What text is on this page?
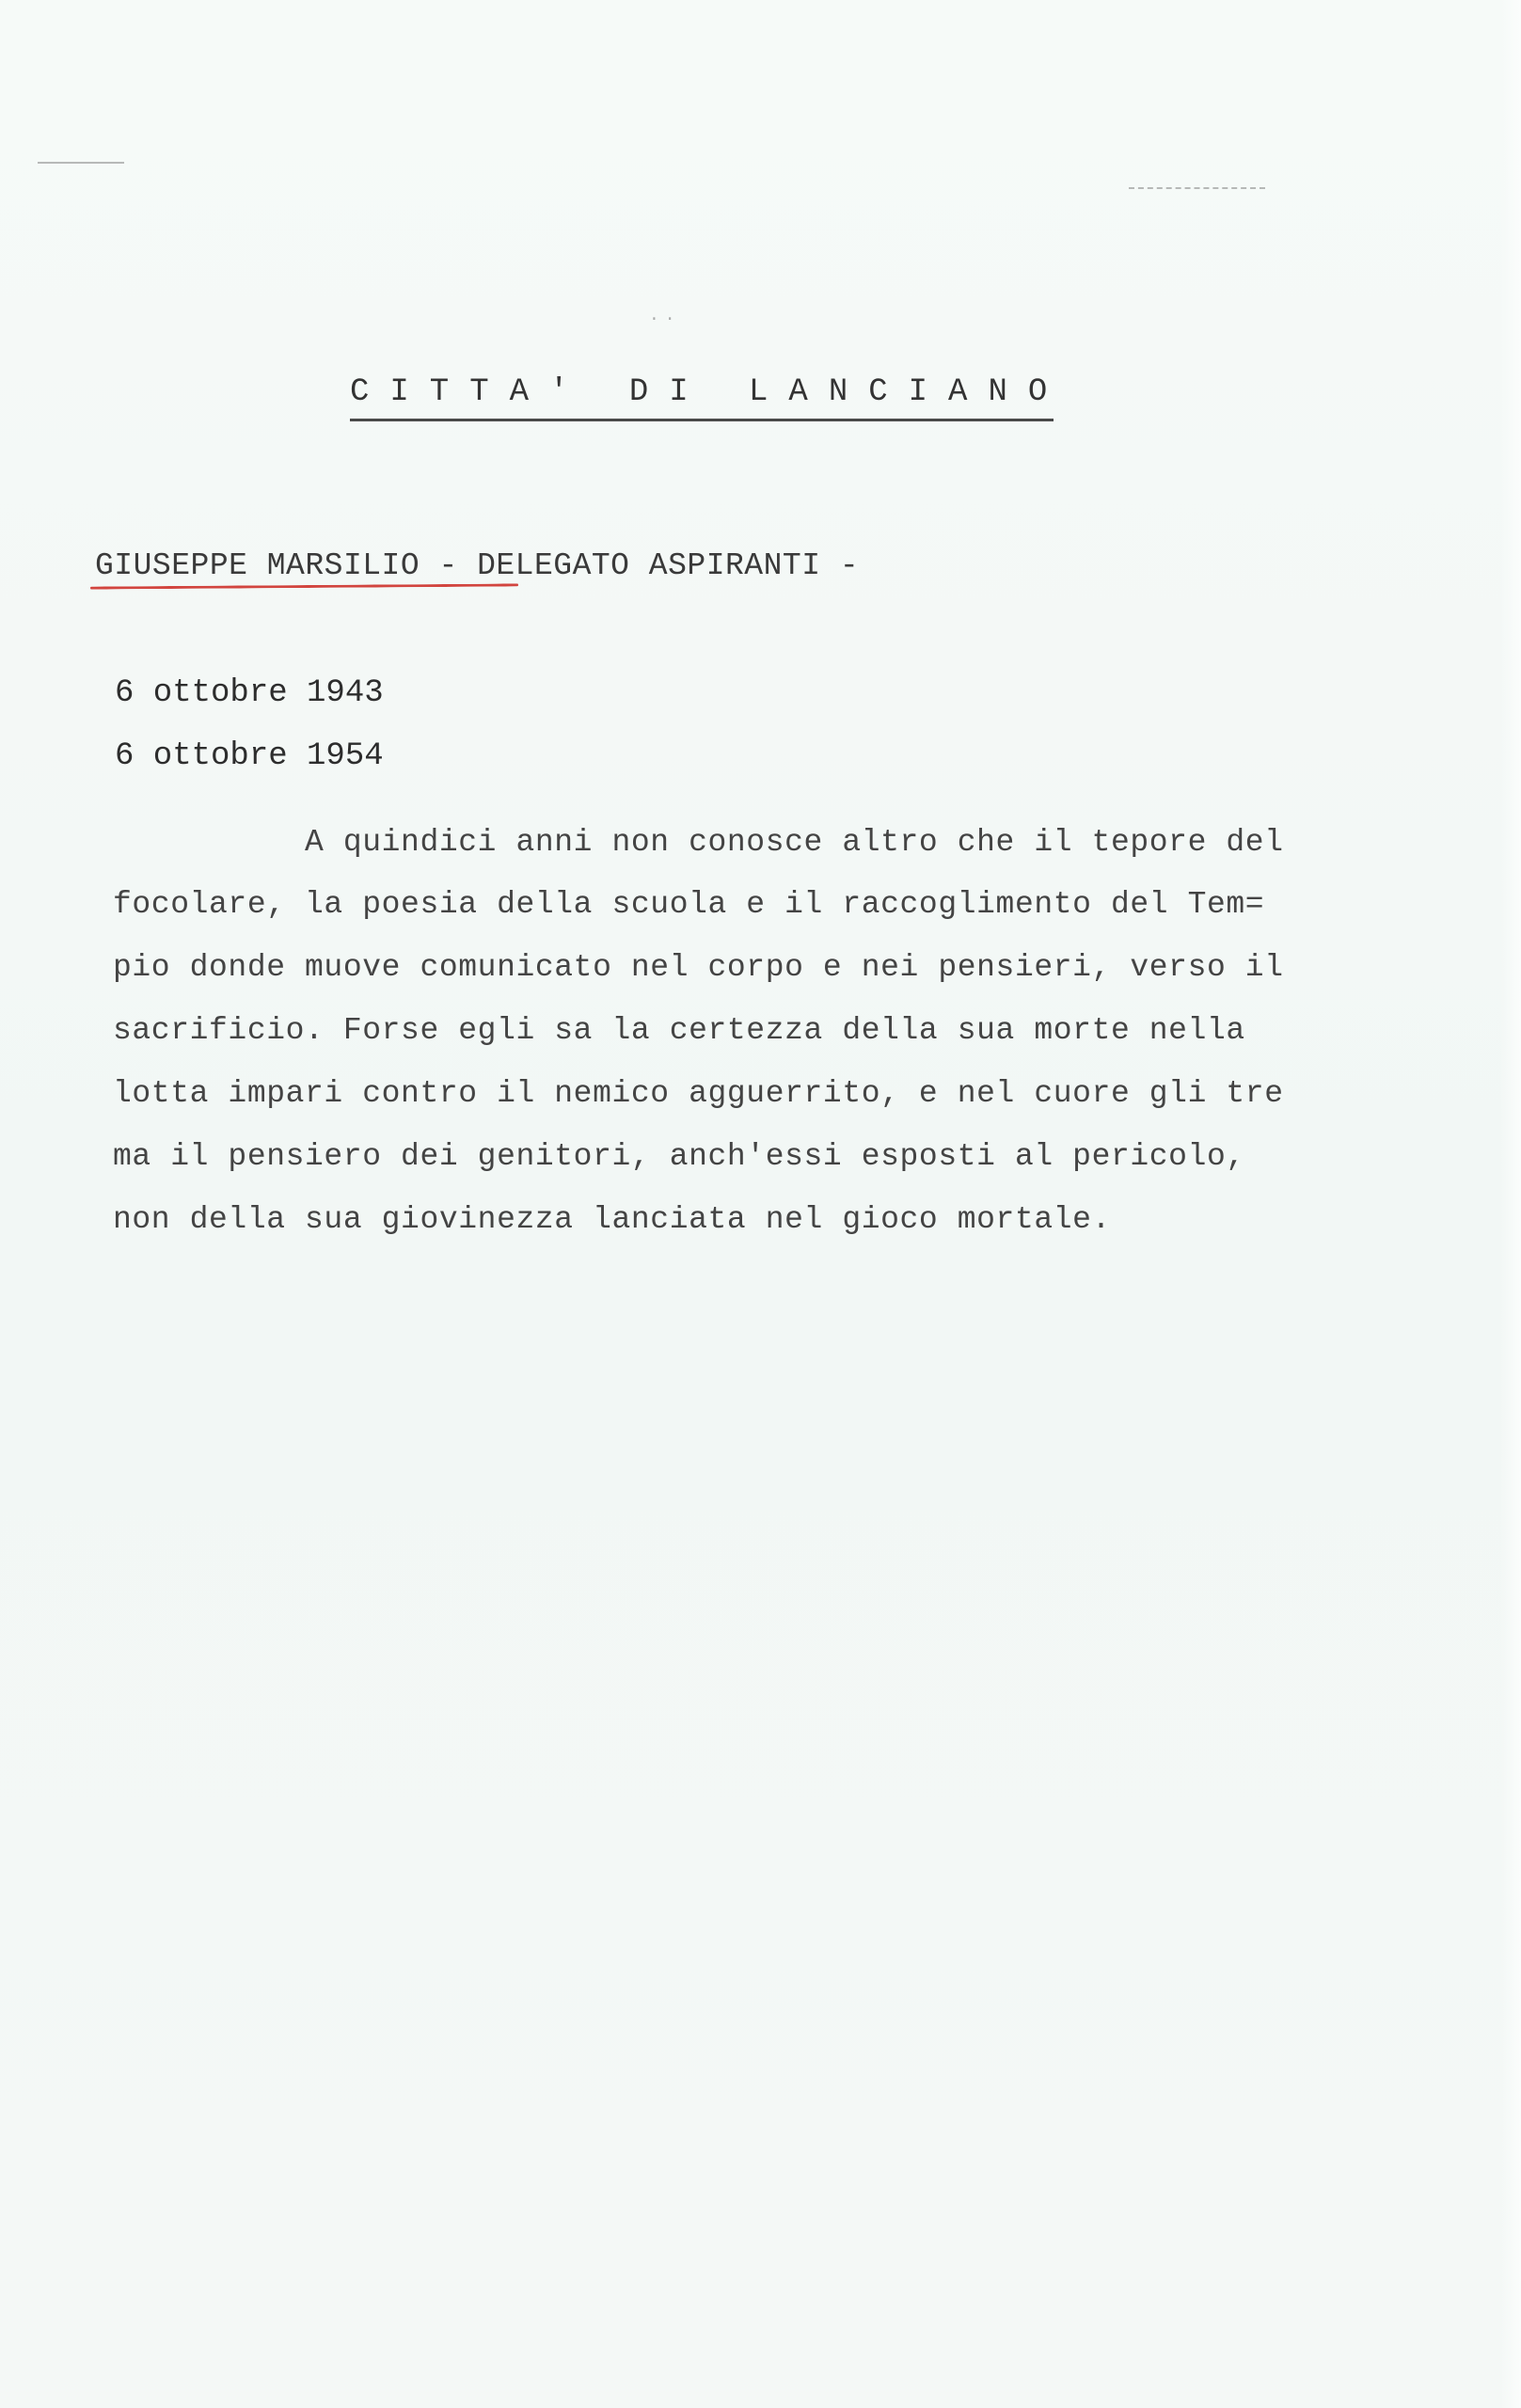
..
CITTA' DI LANCIANO
GIUSEPPE MARSILIO - DELEGATO ASPIRANTI -
6 ottobre 1943
6 ottobre 1954
A quindici anni non conosce altro che il tepore del
focolare, la poesia della scuola e il raccoglimento del Tem=
pio donde muove comunicato nel corpo e nei pensieri, verso il
sacrificio. Forse egli sa la certezza della sua morte nella
lotta impari contro il nemico agguerrito, e nel cuore gli tre
ma il pensiero dei genitori, anch'essi esposti al pericolo,
non della sua giovinezza lanciata nel gioco mortale.
